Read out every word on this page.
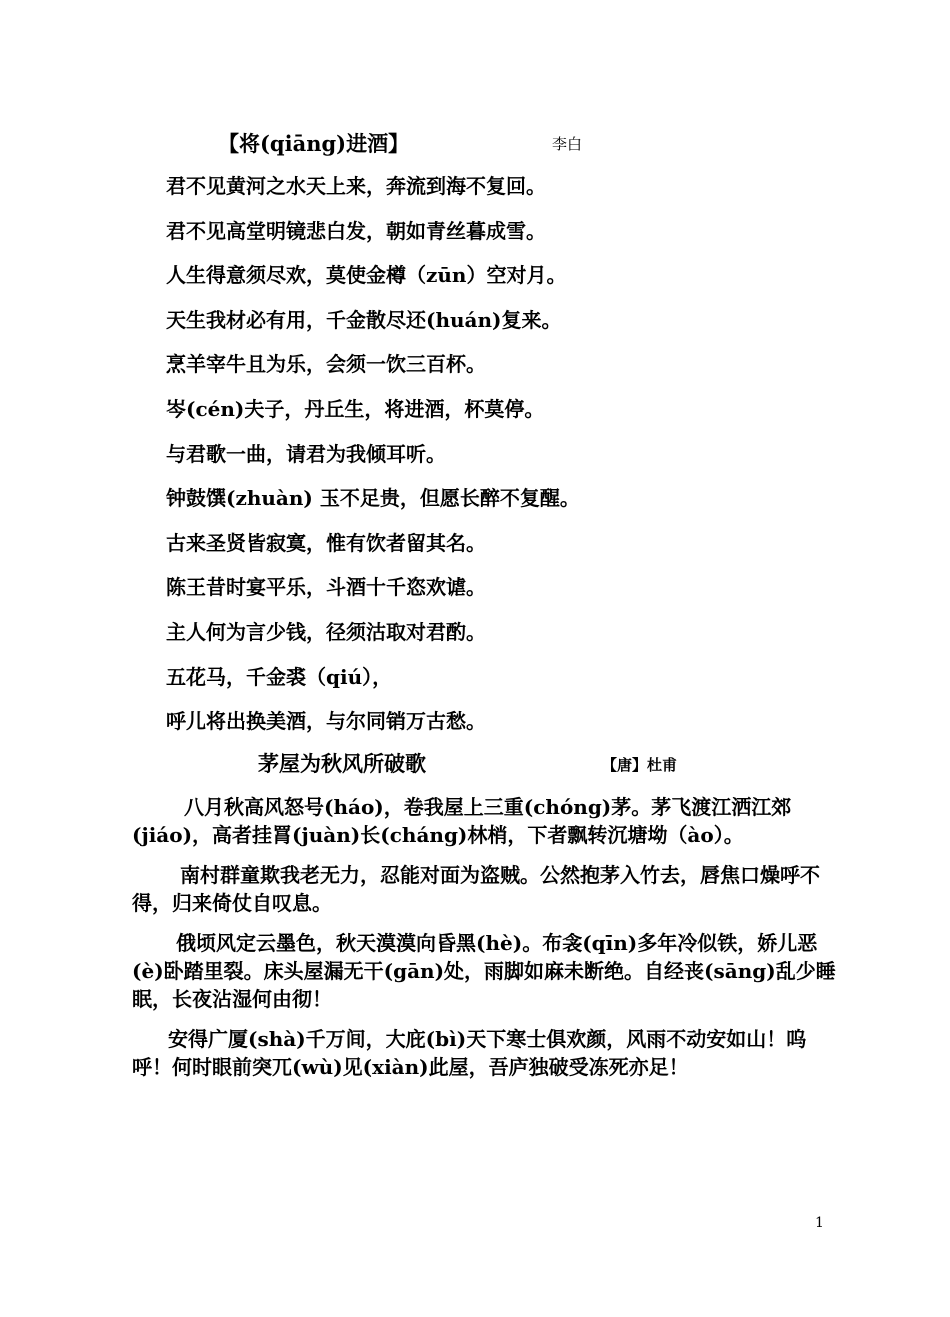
【将(qiāng)进酒】	李白
君不见黄河之水天上来，奔流到海不复回。
君不见高堂明镜悲白发，朝如青丝暮成雪。
人生得意须尽欢，莫使金樽（zūn）空对月。
天生我材必有用，千金散尽还(huán)复来。
烹羊宰牛且为乐，会须一饮三百杯。
岑(cén)夫子，丹丘生，将进酒，杯莫停。
与君歌一曲，请君为我倾耳听。
钟鼓馔(zhuàn) 玉不足贵，但愿长醉不复醒。
古来圣贤皆寂寞，惟有饮者留其名。
陈王昔时宴平乐，斗酒十千恣欢谑。
主人何为言少钱，径须沽取对君酌。
五花马，千金裘（qiú），
呼儿将出换美酒，与尔同销万古愁。
茅屋为秋风所破歌	【唐】杜甫

八月秋高风怒号(háo)，卷我屋上三重(chóng)茅。茅飞渡江洒江郊(jiáo)，高者挂罥(juàn)长(cháng)林梢，下者飘转沉塘坳（ào）。

南村群童欺我老无力，忍能对面为盗贼。公然抱茅入竹去，唇焦口燥呼不得，归来倚仗自叹息。

俄顷风定云墨色，秋天漠漠向昏黑(hè)。布衾(qīn)多年冷似铁，娇儿恶(è)卧踏里裂。床头屋漏无干(gān)处，雨脚如麻未断绝。自经丧(sāng)乱少睡眠，长夜沾湿何由彻！

安得广厦(shà)千万间，大庇(bì)天下寒士俱欢颜，风雨不动安如山！呜呼！何时眼前突兀(wù)见(xiàn)此屋，吾庐独破受冻死亦足！

1
